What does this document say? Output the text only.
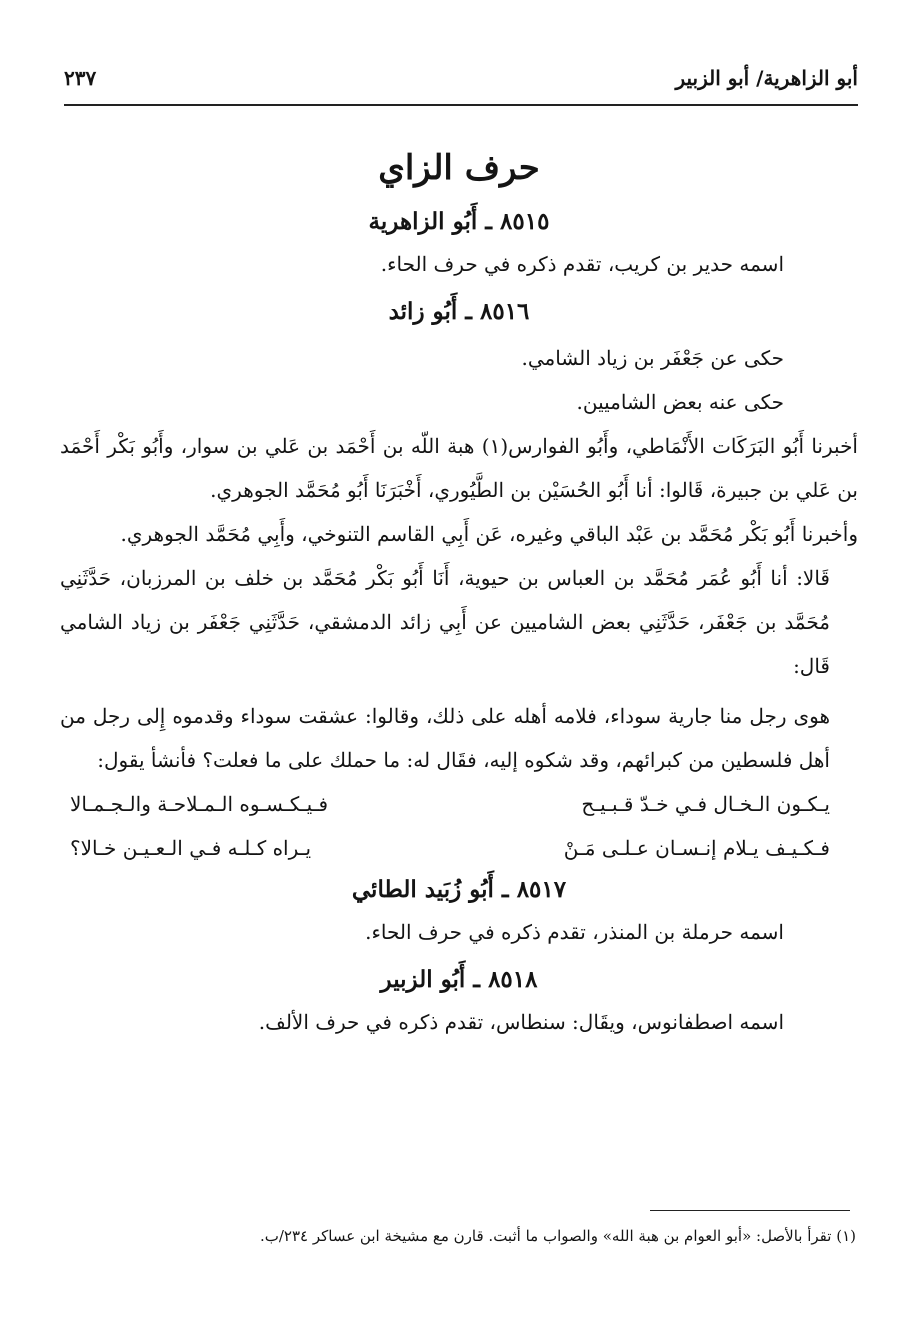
أبو الزاهرية/ أبو الزبير
٢٣٧
حرف الزاي
٨٥١٥ ـ أَبُو الزاهرية

اسمه حدير بن كريب، تقدم ذكره في حرف الحاء.

٨٥١٦ ـ أَبُو زائد

حكى عن جَعْفَر بن زياد الشامي.

حكى عنه بعض الشاميين.

أخبرنا أَبُو البَرَكَات الأَنْمَاطي، وأَبُو الفوارس(١) هبة اللّه بن أَحْمَد بن عَلي بن سوار، وأَبُو بَكْر أَحْمَد بن عَلي بن جبيرة، قَالوا: أنا أَبُو الحُسَيْن بن الطَّيُوري، أَخْبَرَنَا أَبُو مُحَمَّد الجوهري.

وأخبرنا أَبُو بَكْر مُحَمَّد بن عَبْد الباقي وغيره، عَن أَبِي القاسم التنوخي، وأَبِي مُحَمَّد الجوهري.

قَالا: أنا أَبُو عُمَر مُحَمَّد بن العباس بن حيوية، أَنَا أَبُو بَكْر مُحَمَّد بن خلف بن المرزبان، حَدَّثَنِي مُحَمَّد بن جَعْفَر، حَدَّثَنِي بعض الشاميين عن أَبِي زائد الدمشقي، حَدَّثَنِي جَعْفَر بن زياد الشامي قَال:

هوى رجل منا جارية سوداء، فلامه أهله على ذلك، وقالوا: عشقت سوداء وقدموه إِلى رجل من أهل فلسطين من كبرائهم، وقد شكوه إليه، فقَال له: ما حملك على ما فعلت؟ فأنشأ يقول:

يـكـون الـخـال فـي خـدّ قـبـيـح
فـيـكـسـوه الـمـلاحـة والـجـمـالا
فـكـيـف يـلام إنـسـان عـلـى مَـنْ
يـراه كـلـه فـي الـعـيـن خـالا؟
٨٥١٧ ـ أَبُو زُبَيد الطائي

اسمه حرملة بن المنذر، تقدم ذكره في حرف الحاء.

٨٥١٨ ـ أَبُو الزبير

اسمه اصطفانوس، ويقَال: سنطاس، تقدم ذكره في حرف الألف.

(١) تقرأ بالأصل: «أبو العوام بن هبة الله» والصواب ما أثبت. قارن مع مشيخة ابن عساكر ٢٣٤/ب.
